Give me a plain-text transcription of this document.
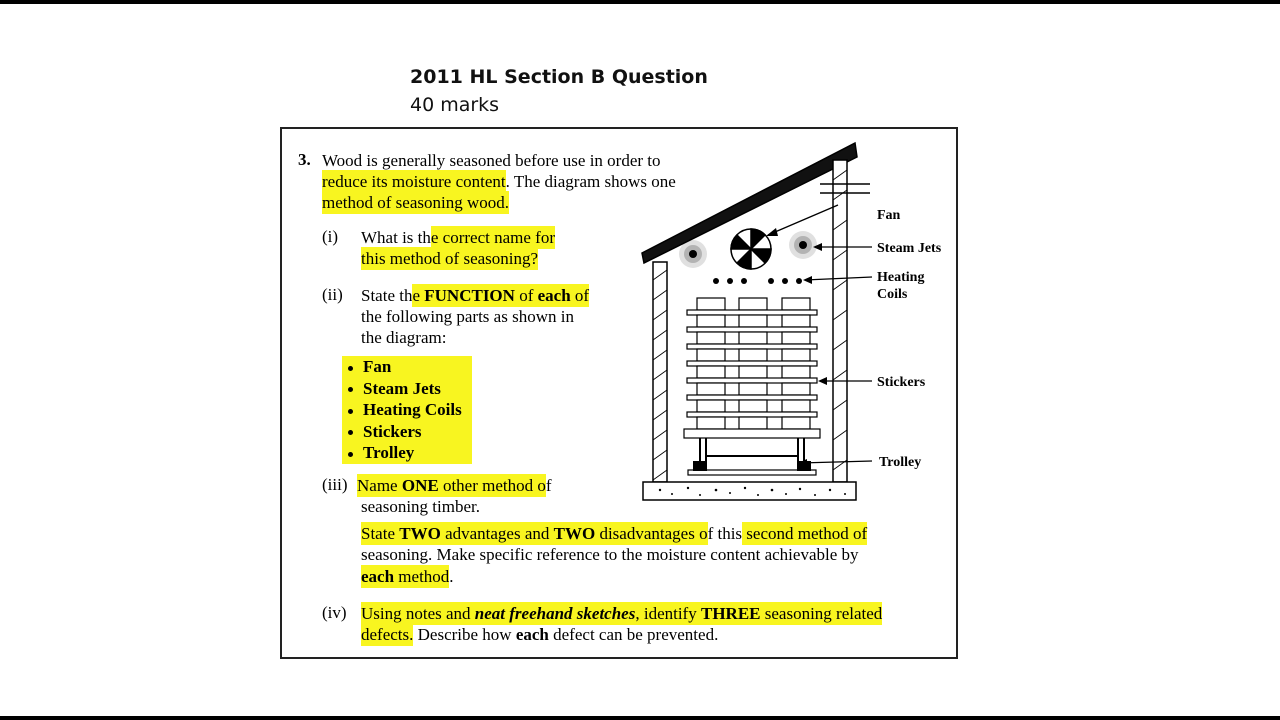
2011 HL Section B Question
40 marks
3. Wood is generally seasoned before use in order to
reduce its moisture content. The diagram shows one
method of seasoning wood.
(i) What is the correct name for
this method of seasoning?
(ii) State the FUNCTION of each of
the following parts as shown in
the diagram:
Fan
Steam Jets
Heating Coils
Stickers
Trolley
(iii) Name ONE other method of
seasoning timber.
State TWO advantages and TWO disadvantages of this second method of
seasoning. Make specific reference to the moisture content achievable by
each method.
(iv) Using notes and neat freehand sketches, identify THREE seasoning related
defects. Describe how each defect can be prevented.
Fan
Steam Jets
Heating
Coils
Stickers
Trolley
